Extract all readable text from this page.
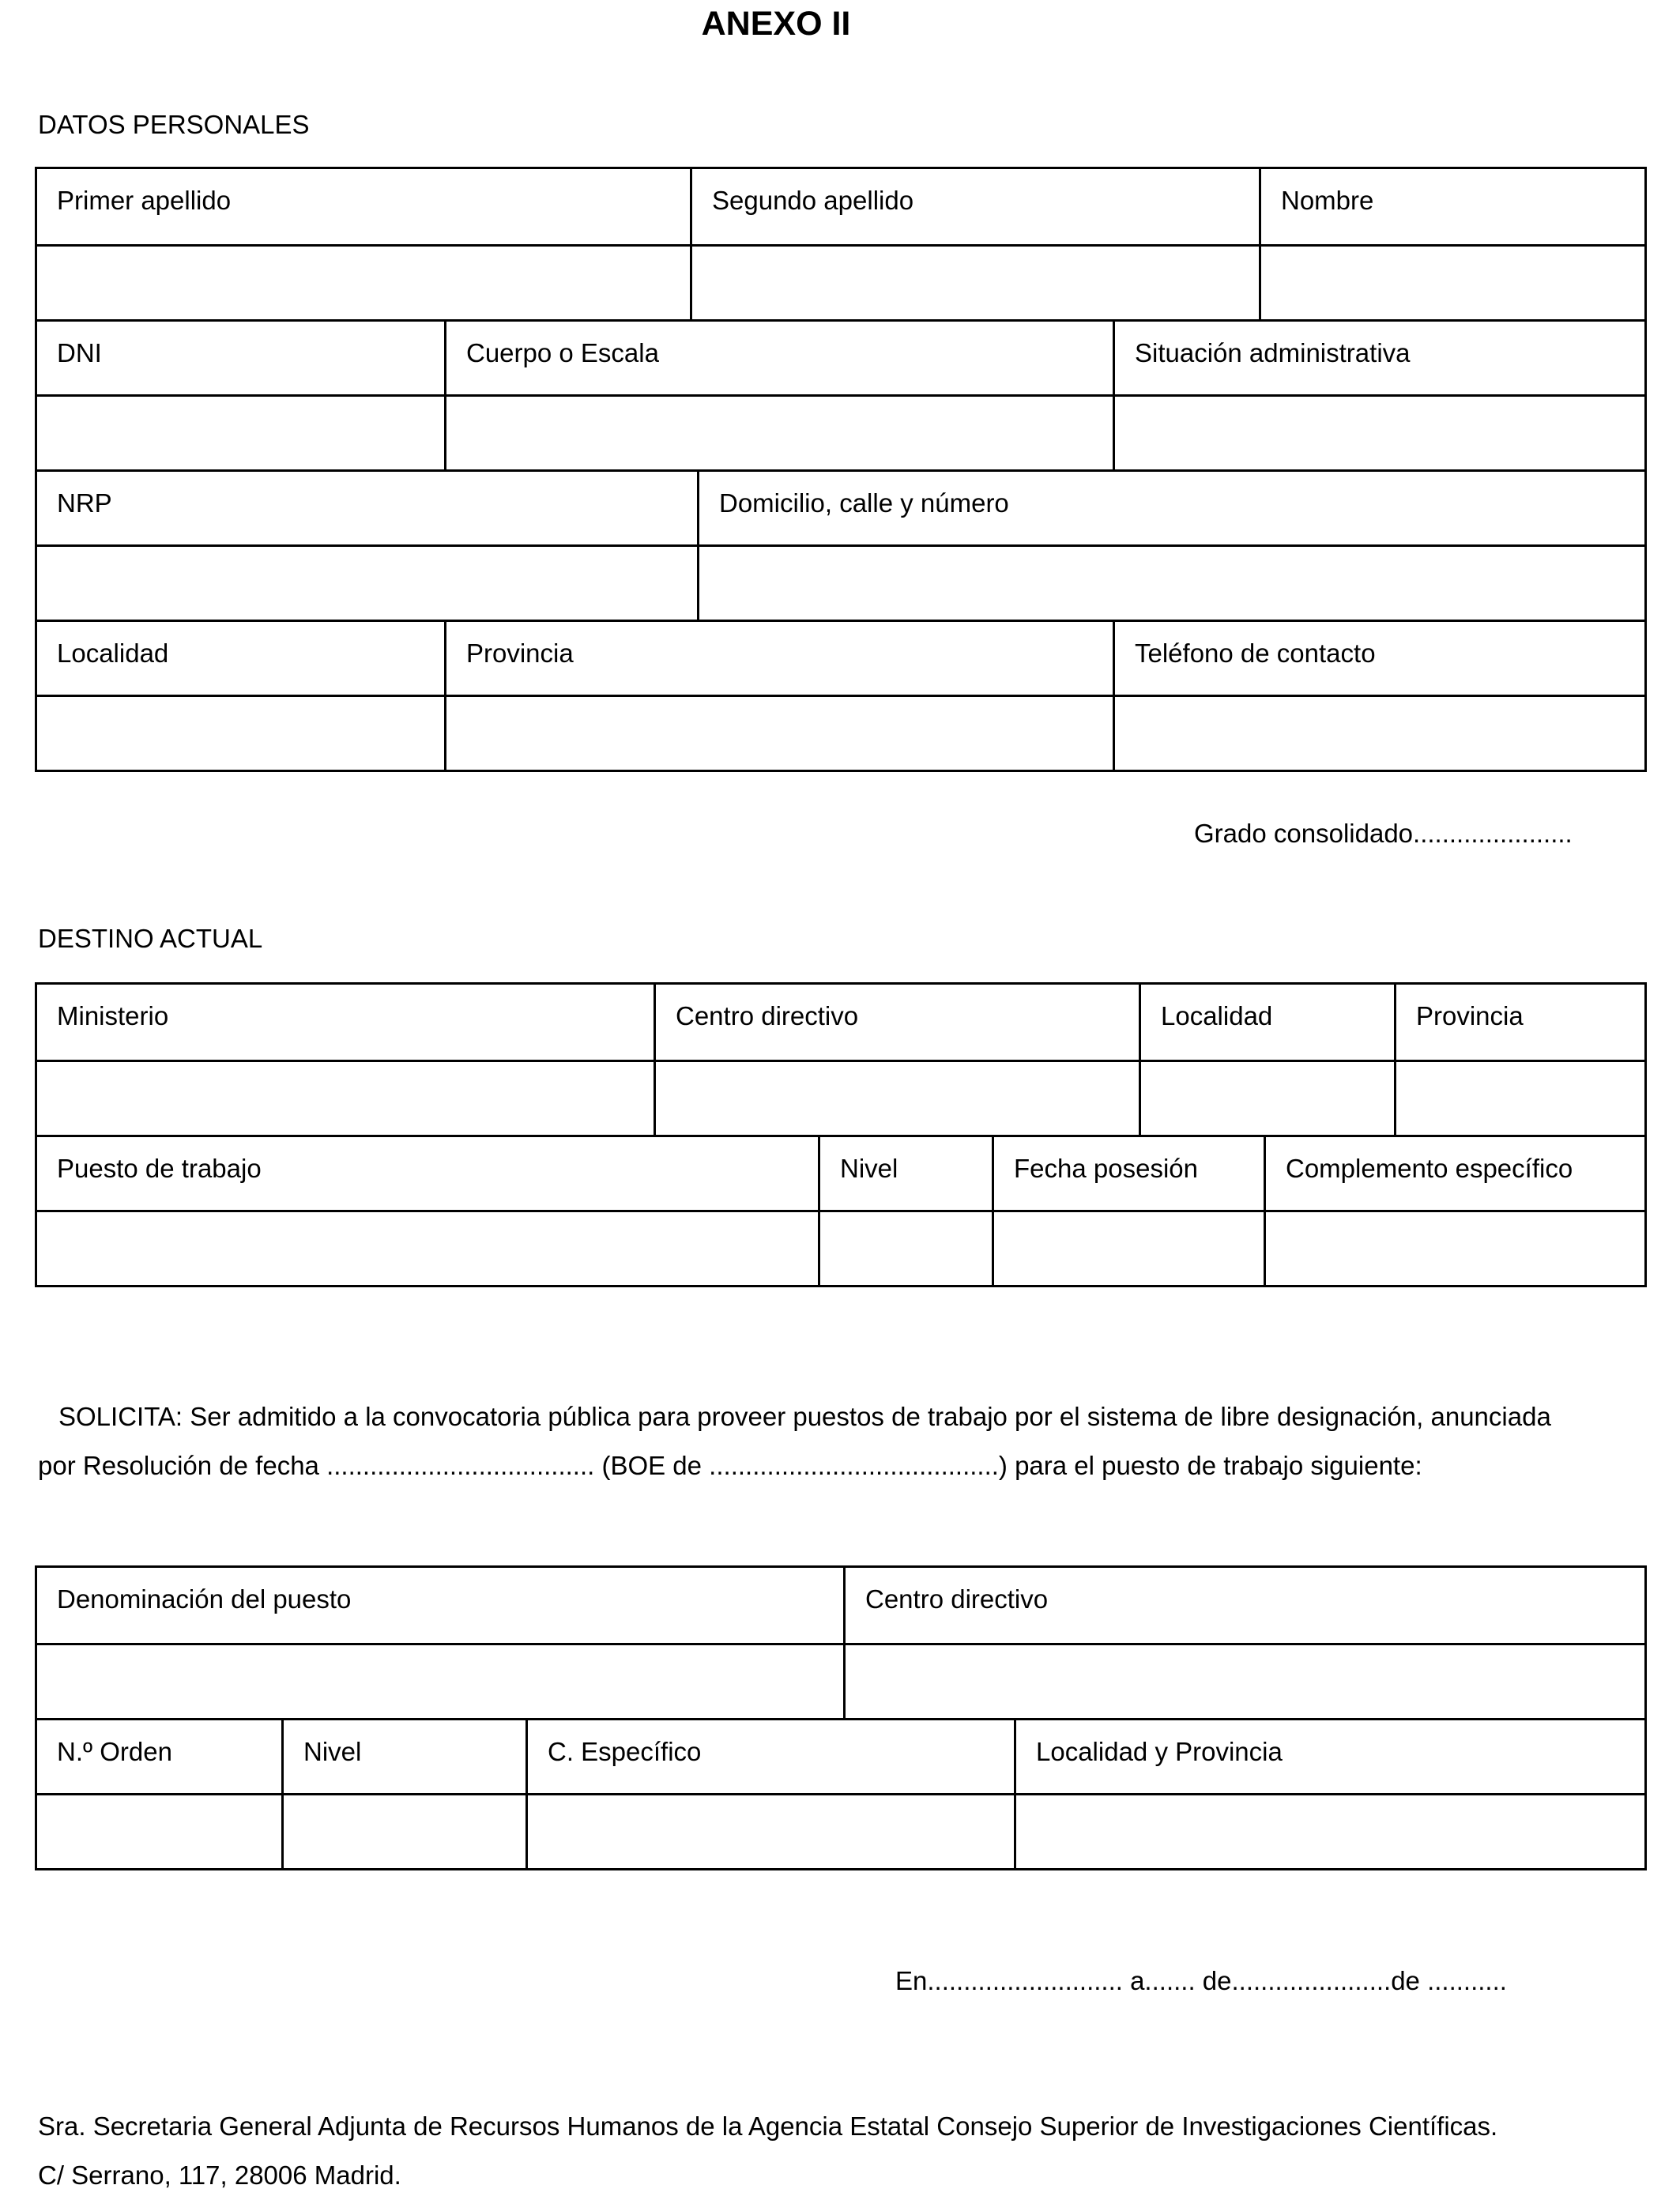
ANEXO II
DATOS PERSONALES
Primer apellido	Segundo apellido	Nombre
DNI	Cuerpo o Escala	Situación administrativa
NRP	Domicilio, calle y número
Localidad	Provincia	Teléfono de contacto
Grado consolidado......................
DESTINO ACTUAL
Ministerio	Centro directivo	Localidad	Provincia
Puesto de trabajo	Nivel	Fecha posesión	Complemento específico
SOLICITA: Ser admitido a la convocatoria pública para proveer puestos de trabajo por el sistema de libre designación, anunciada
por Resolución de fecha ..................................... (BOE de ........................................) para el puesto de trabajo siguiente:
Denominación del puesto	Centro directivo
N.º Orden	Nivel	C. Específico	Localidad y Provincia
En........................... a....... de......................de ...........
Sra. Secretaria General Adjunta de Recursos Humanos de la Agencia Estatal Consejo Superior de Investigaciones Científicas.
C/ Serrano, 117, 28006 Madrid.
